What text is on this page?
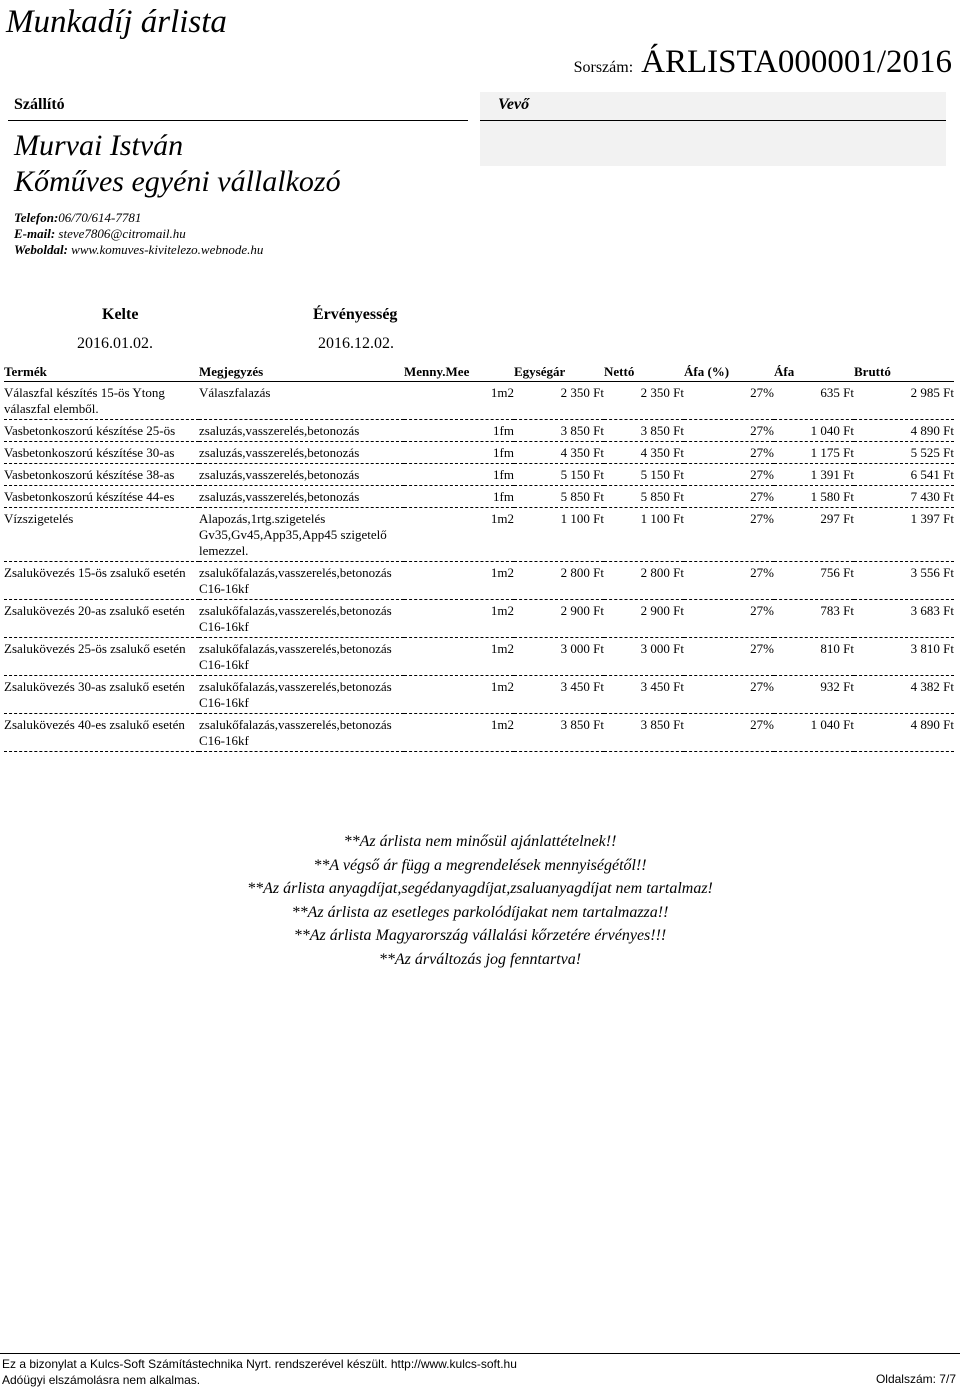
Munkadíj árlista
Sorszám: ÁRLISTA000001/2016
Szállító	Vevő
Murvai István
Kőműves egyéni vállalkozó
Telefon:06/70/614-7781
E-mail: steve7806@citromail.hu
Weboldal: www.komuves-kivitelezo.webnode.hu
Kelte	Érvényesség
2016.01.02.	2016.12.02.
Termék	Megjegyzés	Menny.Mee	Egységár	Nettó	Áfa (%)	Áfa	Bruttó
Válaszfal készítés 15-ös Ytong válaszfal elemből.	Válaszfalazás	1m2	2 350 Ft	2 350 Ft	27%	635 Ft	2 985 Ft
Vasbetonkoszorú készítése 25-ös	zsaluzás,vasszerelés,betonozás	1fm	3 850 Ft	3 850 Ft	27%	1 040 Ft	4 890 Ft
Vasbetonkoszorú készítése 30-as	zsaluzás,vasszerelés,betonozás	1fm	4 350 Ft	4 350 Ft	27%	1 175 Ft	5 525 Ft
Vasbetonkoszorú készítése 38-as	zsaluzás,vasszerelés,betonozás	1fm	5 150 Ft	5 150 Ft	27%	1 391 Ft	6 541 Ft
Vasbetonkoszorú készítése 44-es	zsaluzás,vasszerelés,betonozás	1fm	5 850 Ft	5 850 Ft	27%	1 580 Ft	7 430 Ft
Vízszigetelés	Alapozás,1rtg.szigetelés Gv35,Gv45,App35,App45 szigetelő lemezzel.	1m2	1 100 Ft	1 100 Ft	27%	297 Ft	1 397 Ft
Zsalukövezés 15-ös zsalukő esetén	zsalukőfalazás,vasszerelés,betonozás C16-16kf	1m2	2 800 Ft	2 800 Ft	27%	756 Ft	3 556 Ft
Zsalukövezés 20-as zsalukő esetén	zsalukőfalazás,vasszerelés,betonozás C16-16kf	1m2	2 900 Ft	2 900 Ft	27%	783 Ft	3 683 Ft
Zsalukövezés 25-ös zsalukő esetén	zsalukőfalazás,vasszerelés,betonozás C16-16kf	1m2	3 000 Ft	3 000 Ft	27%	810 Ft	3 810 Ft
Zsalukövezés 30-as zsalukő esetén	zsalukőfalazás,vasszerelés,betonozás C16-16kf	1m2	3 450 Ft	3 450 Ft	27%	932 Ft	4 382 Ft
Zsalukövezés 40-es zsalukő esetén	zsalukőfalazás,vasszerelés,betonozás C16-16kf	1m2	3 850 Ft	3 850 Ft	27%	1 040 Ft	4 890 Ft
**Az árlista nem minősül ajánlattételnek!!
**A végső ár függ a megrendelések mennyiségétől!!
**Az árlista anyagdíjat,segédanyagdíjat,zsaluanyagdíjat nem tartalmaz!
**Az árlista az esetleges parkolódíjakat nem tartalmazza!!
**Az árlista Magyarország vállalási kőrzetére érvényes!!!
**Az árváltozás jog fenntartva!
Ez a bizonylat a Kulcs-Soft Számítástechnika Nyrt. rendszerével készült. http://www.kulcs-soft.hu
Adóügyi elszámolásra nem alkalmas.	Oldalszám: 7/7
